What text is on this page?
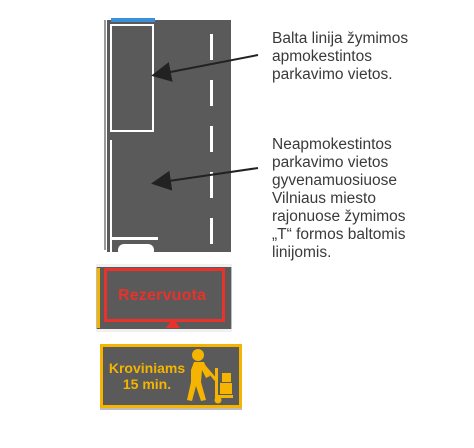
Balta linija žymimos
apmokestintos
parkavimo vietos.
Neapmokestintos
parkavimo vietos
gyvenamuosiuose
Vilniaus miesto
rajonuose žymimos
„T“ formos baltomis
linijomis.
Rezervuota
Kroviniams
15 min.
